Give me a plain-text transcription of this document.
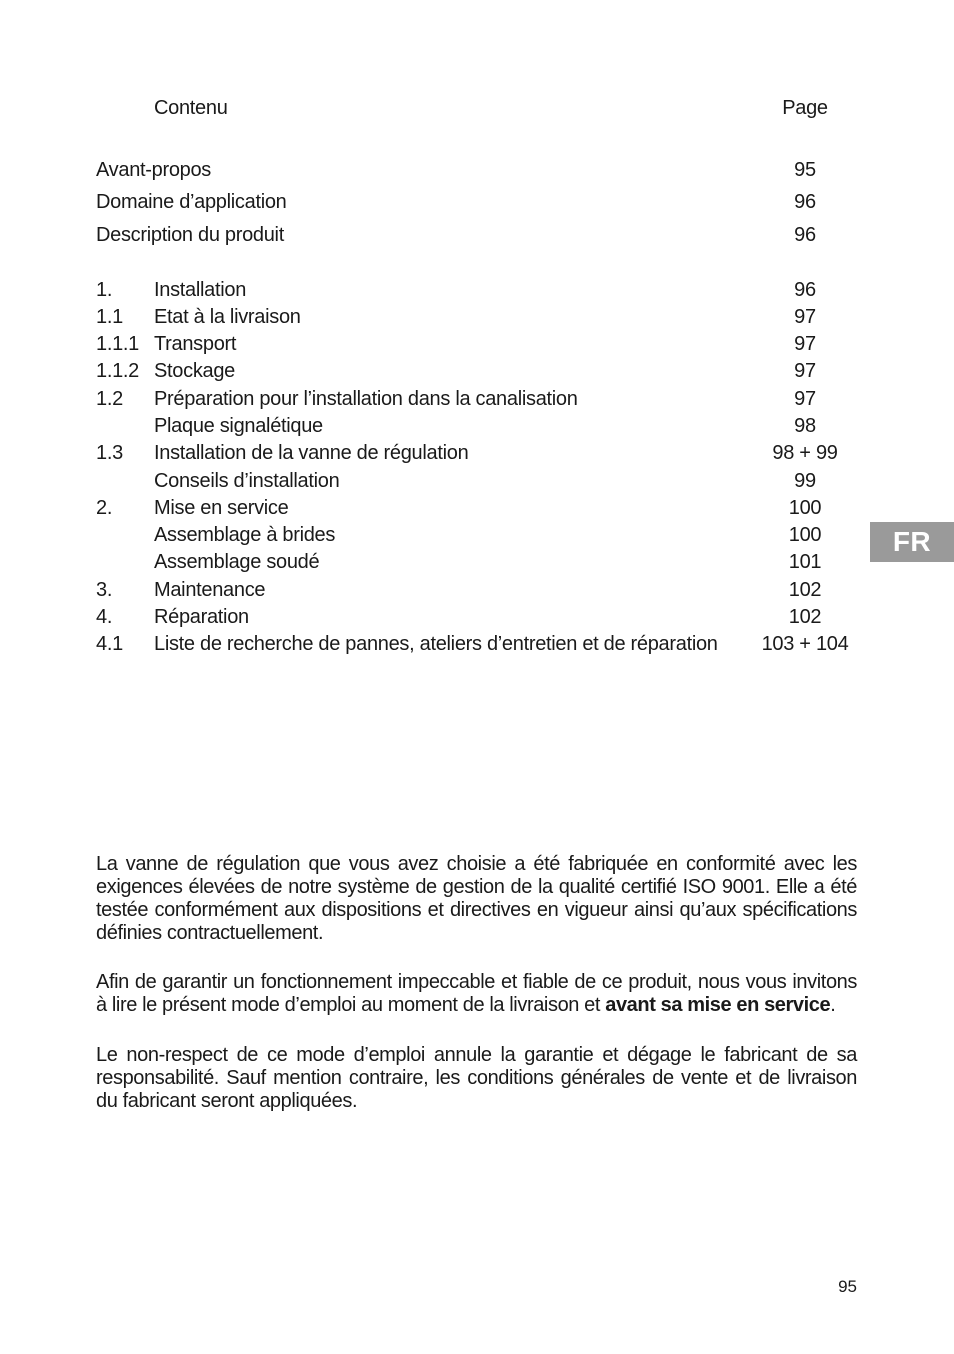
Contenu	Page
Avant-propos	95
Domaine d’application	96
Description du produit	96
1. Installation	96
1.1 Etat à la livraison	97
1.1.1 Transport	97
1.1.2 Stockage	97
1.2 Préparation pour l’installation dans la canalisation	97
Plaque signalétique	98
1.3 Installation de la vanne de régulation	98 + 99
Conseils d’installation	99
2. Mise en service	100
Assemblage à brides	100
Assemblage soudé	101
3. Maintenance	102
4. Réparation	102
4.1 Liste de recherche de pannes, ateliers d’entretien et de réparation	103 + 104
FR

La vanne de régulation que vous avez choisie a été fabriquée en conformité avec les exigences élevées de notre système de gestion de la qualité certifié ISO 9001. Elle a été testée conformément aux dispositions et directives en vigueur ainsi qu’aux spécifications définies contractuellement.

Afin de garantir un fonctionnement impeccable et fiable de ce produit, nous vous invitons à lire le présent mode d’emploi au moment de la livraison et avant sa mise en service.

Le non-respect de ce mode d’emploi annule la garantie et dégage le fabricant de sa responsabilité. Sauf mention contraire, les conditions générales de vente et de livraison du fabricant seront appliquées.

95
